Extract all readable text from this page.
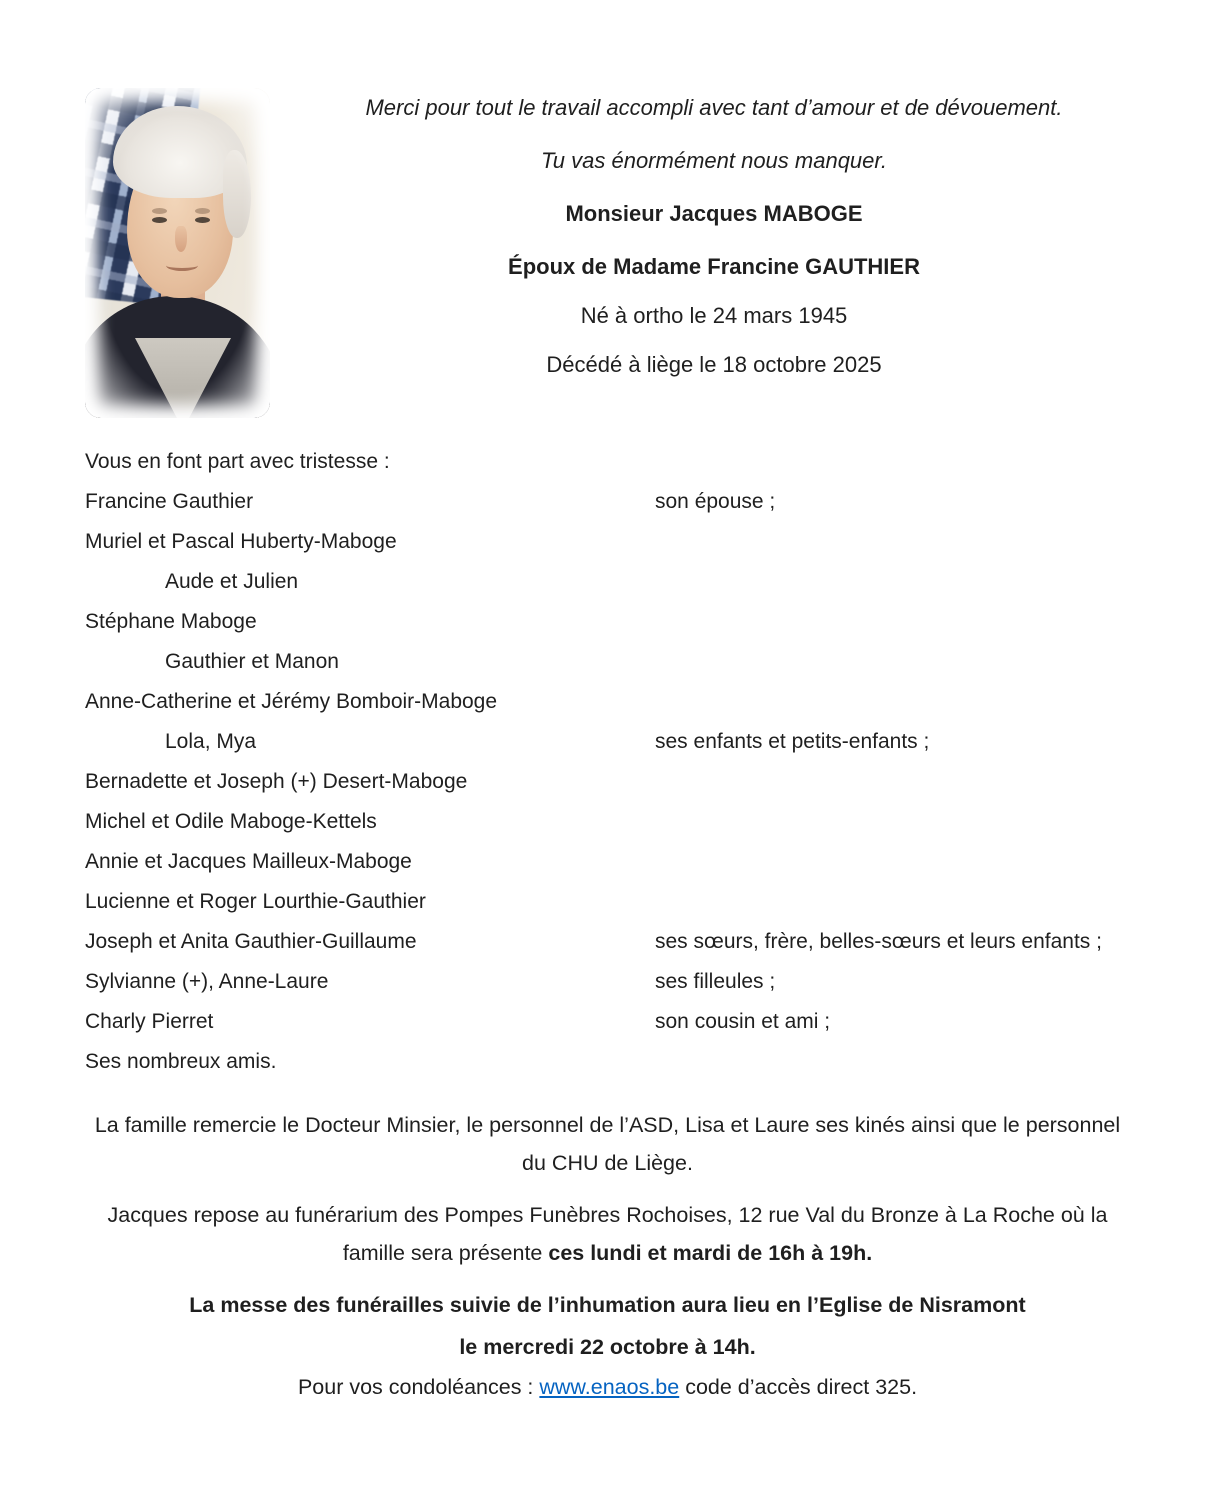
Merci pour tout le travail accompli avec tant d’amour et de dévouement.

Tu vas énormément nous manquer.

Monsieur Jacques MABOGE

Époux de Madame Francine GAUTHIER

Né à ortho le 24 mars 1945

Décédé à liège le 18 octobre 2025

Vous en font part avec tristesse :

Francine Gauthier	son épouse ;
Muriel et Pascal Huberty-Maboge
Aude et Julien
Stéphane Maboge
Gauthier et Manon
Anne-Catherine et Jérémy Bomboir-Maboge
Lola, Mya	ses enfants et petits-enfants ;
Bernadette et Joseph (+) Desert-Maboge
Michel et Odile Maboge-Kettels
Annie et Jacques Mailleux-Maboge
Lucienne et Roger Lourthie-Gauthier
Joseph et Anita Gauthier-Guillaume	ses sœurs, frère, belles-sœurs et leurs enfants ;
Sylvianne (+), Anne-Laure	ses filleules ;
Charly Pierret	son cousin et ami ;
Ses nombreux amis.

La famille remercie le Docteur Minsier, le personnel de l’ASD, Lisa et Laure ses kinés ainsi que le personnel du CHU de Liège.

Jacques repose au funérarium des Pompes Funèbres Rochoises, 12 rue Val du Bronze à La Roche où la famille sera présente ces lundi et mardi de 16h à 19h.

La messe des funérailles suivie de l’inhumation aura lieu en l’Eglise de Nisramont

le mercredi 22 octobre à 14h.

Pour vos condoléances : www.enaos.be code d’accès direct 325.
